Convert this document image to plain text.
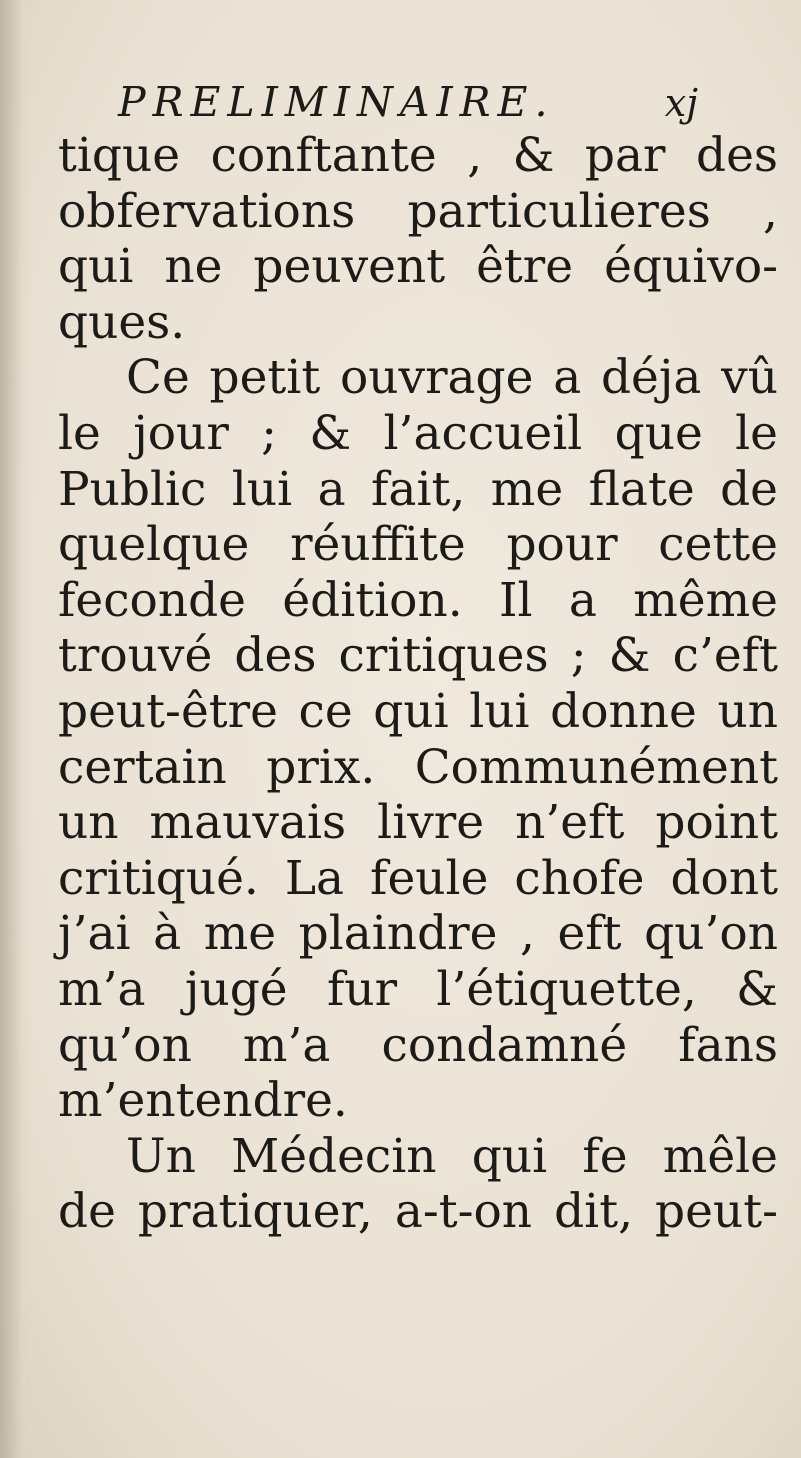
PRELIMINAIRE.	xj
tique conftante , & par des
obfervations particulieres ,
qui ne peuvent être équivo-
ques.
Ce petit ouvrage a déja vû
le jour ; & l’accueil que le
Public lui a fait, me flate de
quelque réuffite pour cette
feconde édition. Il a même
trouvé des critiques ; & c’eft
peut-être ce qui lui donne un
certain prix. Communément
un mauvais livre n’eft point
critiqué. La feule chofe dont
j’ai à me plaindre , eft qu’on
m’a jugé fur l’étiquette, &
qu’on m’a condamné fans
m’entendre.
Un Médecin qui fe mêle
de pratiquer, a-t-on dit, peut-
